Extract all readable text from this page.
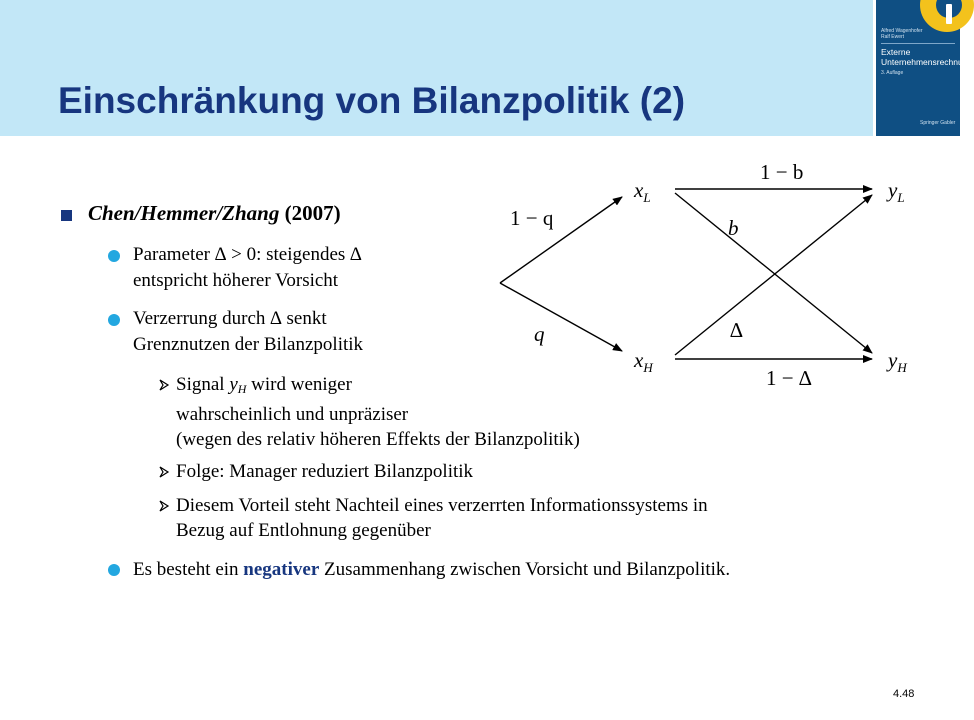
Einschränkung von Bilanzpolitik (2)
Alfred Wagenhofer
Ralf Ewert
Externe
Unternehmensrechnung
3. Auflage
Springer Gabler
Chen/Hemmer/Zhang (2007)
Parameter ∆ > 0: steigendes ∆
entspricht höherer Vorsicht
Verzerrung durch ∆ senkt
Grenznutzen der Bilanzpolitik
Signal $y_H$ wird weniger
wahrscheinlich und unpräziser
(wegen des relativ höheren Effekts der Bilanzpolitik)
Folge: Manager reduziert Bilanzpolitik
Diesem Vorteil steht Nachteil eines verzerrten Informationssystems in
Bezug auf Entlohnung gegenüber
Es besteht ein negativer Zusammenhang zwischen Vorsicht und Bilanzpolitik.
$x_L$
$x_H$
$y_L$
$y_H$
1 − q
q
1 − b
b
∆
1 − ∆
4.48
